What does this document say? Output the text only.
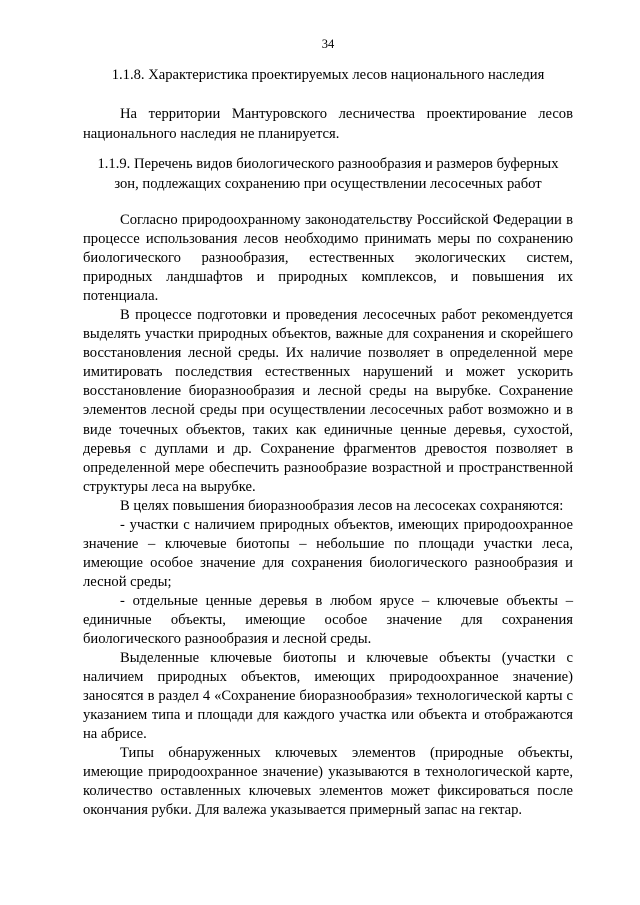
34
1.1.8. Характеристика проектируемых лесов национального наследия

На территории Мантуровского лесничества проектирование лесов национального наследия не планируется.

1.1.9. Перечень видов биологического разнообразия и размеров буферных
зон, подлежащих сохранению при осуществлении лесосечных работ

Согласно природоохранному законодательству Российской Федерации в процессе использования лесов необходимо принимать меры по сохранению биологического разнообразия, естественных экологических систем, природных ландшафтов и природных комплексов, и повышения их потенциала.

В процессе подготовки и проведения лесосечных работ рекомендуется выделять участки природных объектов, важные для сохранения и скорейшего восстановления лесной среды. Их наличие позволяет в определенной мере имитировать последствия естественных нарушений и может ускорить восстановление биоразнообразия и лесной среды на вырубке. Сохранение элементов лесной среды при осуществлении лесосечных работ возможно и в виде точечных объектов, таких как единичные ценные деревья, сухостой, деревья с дуплами и др. Сохранение фрагментов древостоя позволяет в определенной мере обеспечить разнообразие возрастной и пространственной структуры леса на вырубке.

В целях повышения биоразнообразия лесов на лесосеках сохраняются:

- участки с наличием природных объектов, имеющих природоохранное значение – ключевые биотопы – небольшие по площади участки леса, имеющие особое значение для сохранения биологического разнообразия и лесной среды;

- отдельные ценные деревья в любом ярусе – ключевые объекты – единичные объекты, имеющие особое значение для сохранения биологического разнообразия и лесной среды.

Выделенные ключевые биотопы и ключевые объекты (участки с наличием природных объектов, имеющих природоохранное значение) заносятся в раздел 4 «Сохранение биоразнообразия» технологической карты с указанием типа и площади для каждого участка или объекта и отображаются на абрисе.

Типы обнаруженных ключевых элементов (природные объекты, имеющие природоохранное значение) указываются в технологической карте, количество оставленных ключевых элементов может фиксироваться после окончания рубки. Для валежа указывается примерный запас на гектар.
